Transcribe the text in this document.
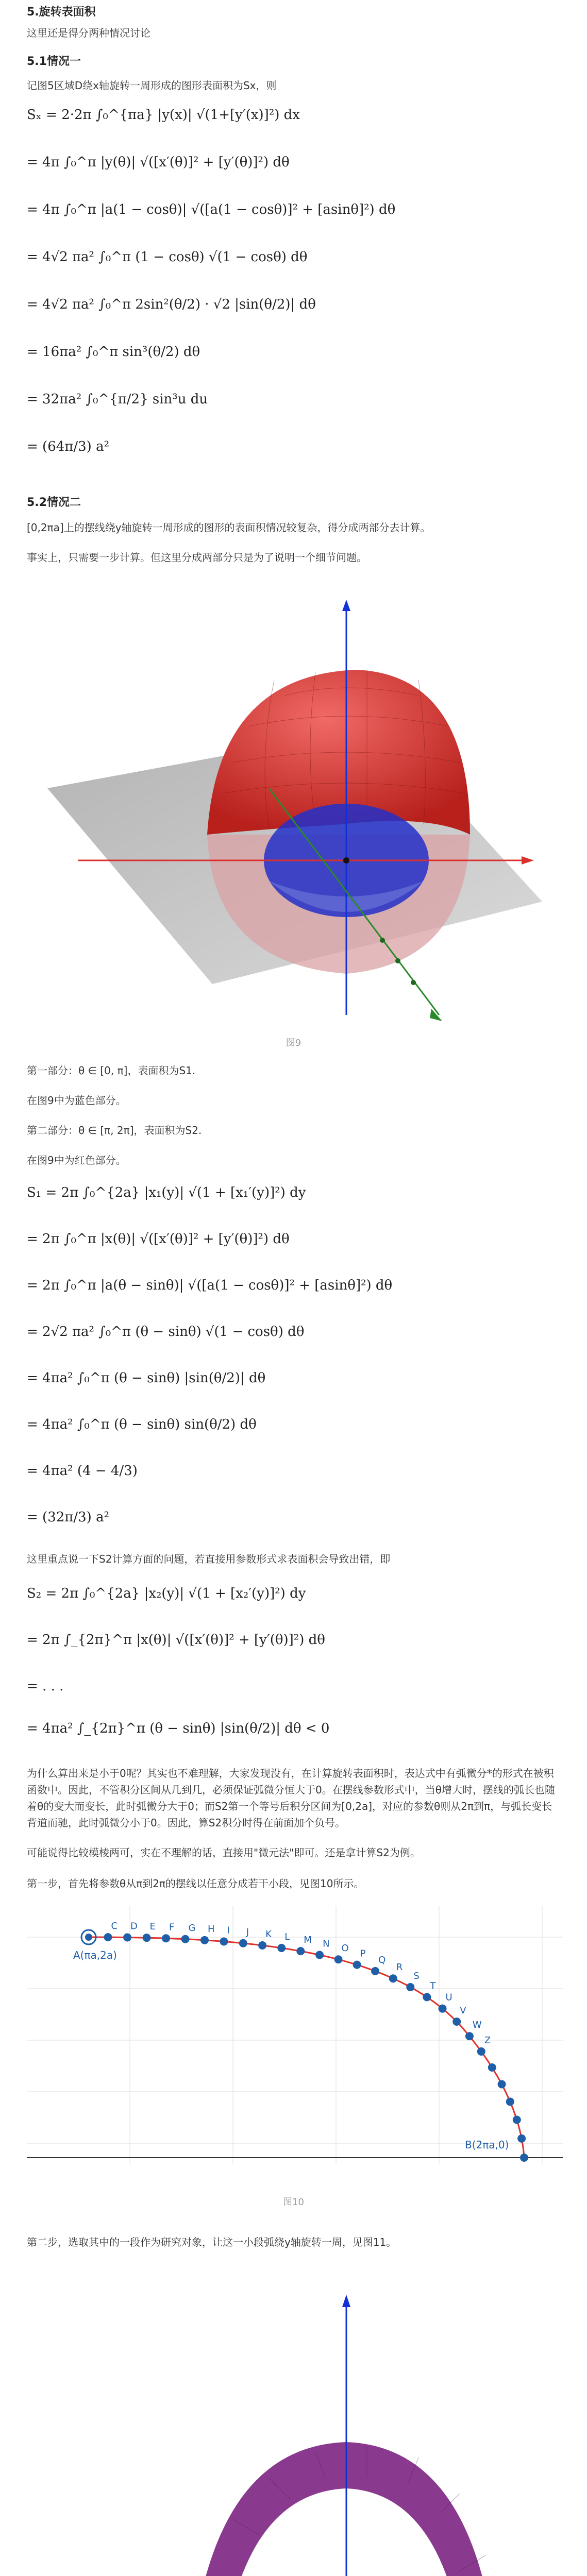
5.旋转表面积
这里还是得分两种情况讨论
5.1情况一
记图5区域D绕x轴旋转一周形成的图形表面积为Sx，则
Sₓ = 2·2π ∫₀^{πa} |y(x)| √(1+[y′(x)]²) dx
= 4π ∫₀^π |y(θ)| √([x′(θ)]² + [y′(θ)]²) dθ
= 4π ∫₀^π |a(1 − cosθ)| √([a(1 − cosθ)]² + [asinθ]²) dθ
= 4√2 πa² ∫₀^π (1 − cosθ) √(1 − cosθ) dθ
= 4√2 πa² ∫₀^π 2sin²(θ/2) · √2 |sin(θ/2)| dθ
= 16πa² ∫₀^π sin³(θ/2) dθ
= 32πa² ∫₀^{π/2} sin³u du
= (64π/3) a²
5.2情况二
[0,2πa]上的摆线绕y轴旋转一周形成的图形的表面积情况较复杂，得分成两部分去计算。
事实上，只需要一步计算。但这里分成两部分只是为了说明一个细节问题。
图9
第一部分：θ ∈ [0, π]，表面积为S1.
在图9中为蓝色部分。
第二部分：θ ∈ [π, 2π]，表面积为S2.
在图9中为红色部分。
S₁ = 2π ∫₀^{2a} |x₁(y)| √(1 + [x₁′(y)]²) dy
= 2π ∫₀^π |x(θ)| √([x′(θ)]² + [y′(θ)]²) dθ
= 2π ∫₀^π |a(θ − sinθ)| √([a(1 − cosθ)]² + [asinθ]²) dθ
= 2√2 πa² ∫₀^π (θ − sinθ) √(1 − cosθ) dθ
= 4πa² ∫₀^π (θ − sinθ) |sin(θ/2)| dθ
= 4πa² ∫₀^π (θ − sinθ) sin(θ/2) dθ
= 4πa² (4 − 4/3)
= (32π/3) a²
这里重点说一下S2计算方面的问题，若直接用参数形式求表面积会导致出错，即
S₂ = 2π ∫₀^{2a} |x₂(y)| √(1 + [x₂′(y)]²) dy
= 2π ∫_{2π}^π |x(θ)| √([x′(θ)]² + [y′(θ)]²) dθ
= . . .
= 4πa² ∫_{2π}^π (θ − sinθ) |sin(θ/2)| dθ < 0
为什么算出来是小于0呢？其实也不难理解，大家发现没有，在计算旋转表面积时，表达式中有弧微分*的形式在被积函数中。因此，不管积分区间从几到几，必须保证弧微分恒大于0。在摆线参数形式中，当θ增大时，摆线的弧长也随着θ的变大而变长，此时弧微分大于0；而S2第一个等号后积分区间为[0,2a]，对应的参数θ则从2π到π，与弧长变长背道而驰，此时弧微分小于0。因此，算S2积分时得在前面加个负号。
可能说得比较模棱两可，实在不理解的话，直接用"微元法"即可。还是拿计算S2为例。
第一步，首先将参数θ从π到2π的摆线以任意分成若干小段，见图10所示。
C D E F G H I J K L M N O P
Q
R
S
T
U
V
W
Z
A(πa,2a)
B(2πa,0)
图10
第二步，选取其中的一段作为研究对象，让这一小段弧绕y轴旋转一周，见图11。
